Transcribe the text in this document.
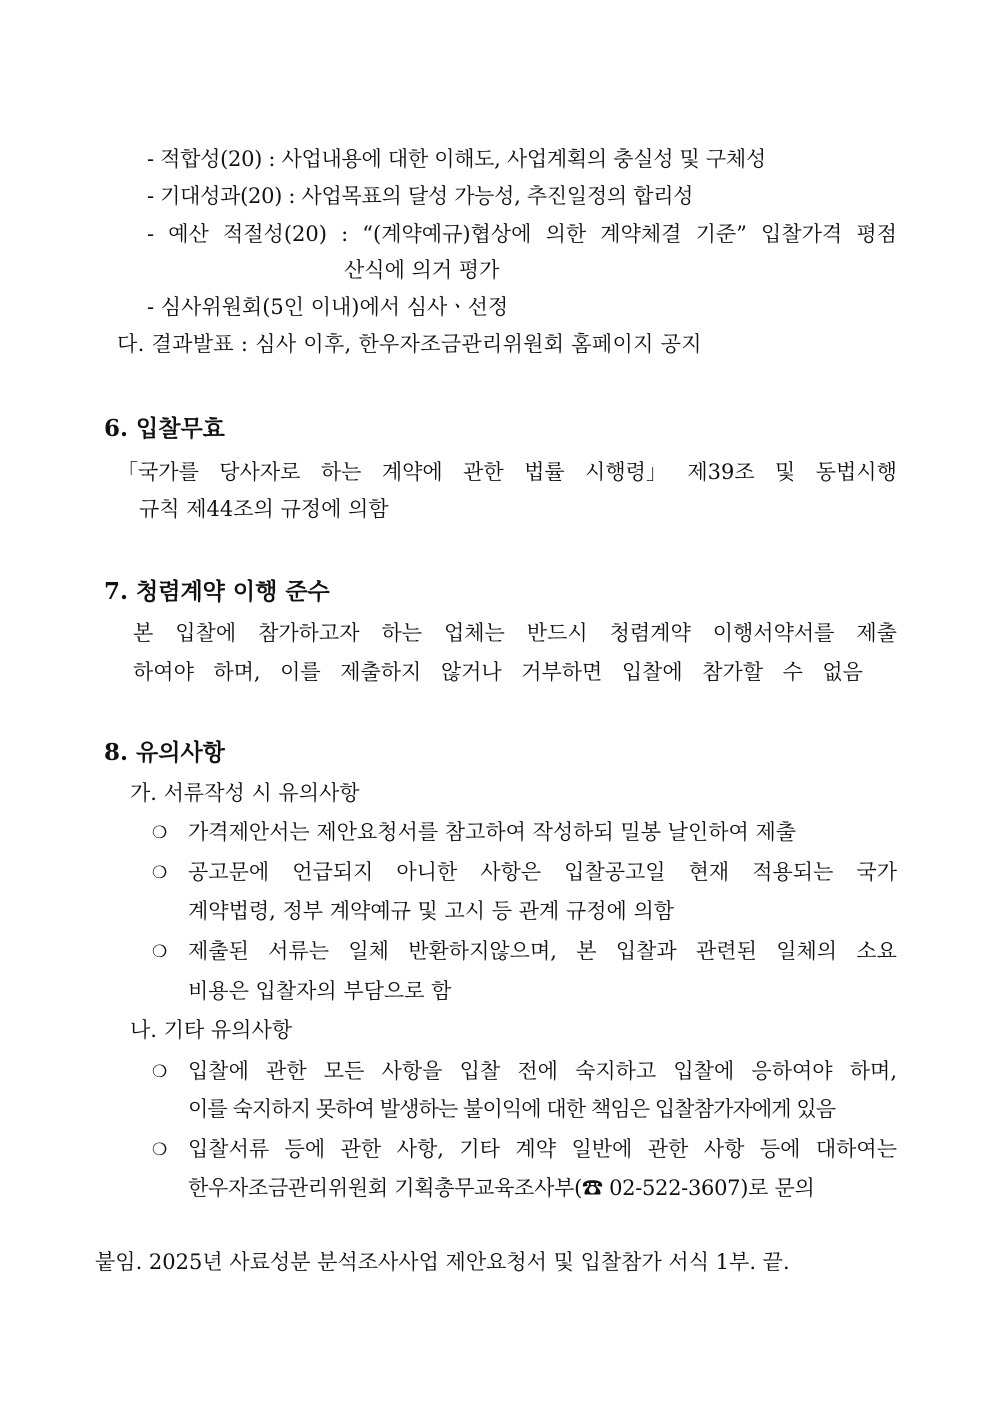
- 적합성(20) : 사업내용에 대한 이해도, 사업계획의 충실성 및 구체성
- 기대성과(20) : 사업목표의 달성 가능성, 추진일정의 합리성
- 예산 적절성(20) : “(계약예규)협상에 의한 계약체결 기준” 입찰가격 평점
산식에 의거 평가
- 심사위원회(5인 이내)에서 심사ㆍ선정
다. 결과발표 : 심사 이후, 한우자조금관리위원회 홈페이지 공지
6. 입찰무효
「국가를 당사자로 하는 계약에 관한 법률 시행령」 제39조 및 동법시행
규칙 제44조의 규정에 의함
7. 청렴계약 이행 준수
본 입찰에 참가하고자 하는 업체는 반드시 청렴계약 이행서약서를 제출
하여야 하며, 이를 제출하지 않거나 거부하면 입찰에 참가할 수 없음
8. 유의사항
가. 서류작성 시 유의사항
❍ 가격제안서는 제안요청서를 참고하여 작성하되 밀봉 날인하여 제출
❍ 공고문에 언급되지 아니한 사항은 입찰공고일 현재 적용되는 국가
계약법령, 정부 계약예규 및 고시 등 관계 규정에 의함
❍ 제출된 서류는 일체 반환하지않으며, 본 입찰과 관련된 일체의 소요
비용은 입찰자의 부담으로 함
나. 기타 유의사항
❍ 입찰에 관한 모든 사항을 입찰 전에 숙지하고 입찰에 응하여야 하며,
이를 숙지하지 못하여 발생하는 불이익에 대한 책임은 입찰참가자에게 있음
❍ 입찰서류 등에 관한 사항, 기타 계약 일반에 관한 사항 등에 대하여는
한우자조금관리위원회 기획총무교육조사부(☎ 02-522-3607)로 문의
붙임. 2025년 사료성분 분석조사사업 제안요청서 및 입찰참가 서식 1부. 끝.
